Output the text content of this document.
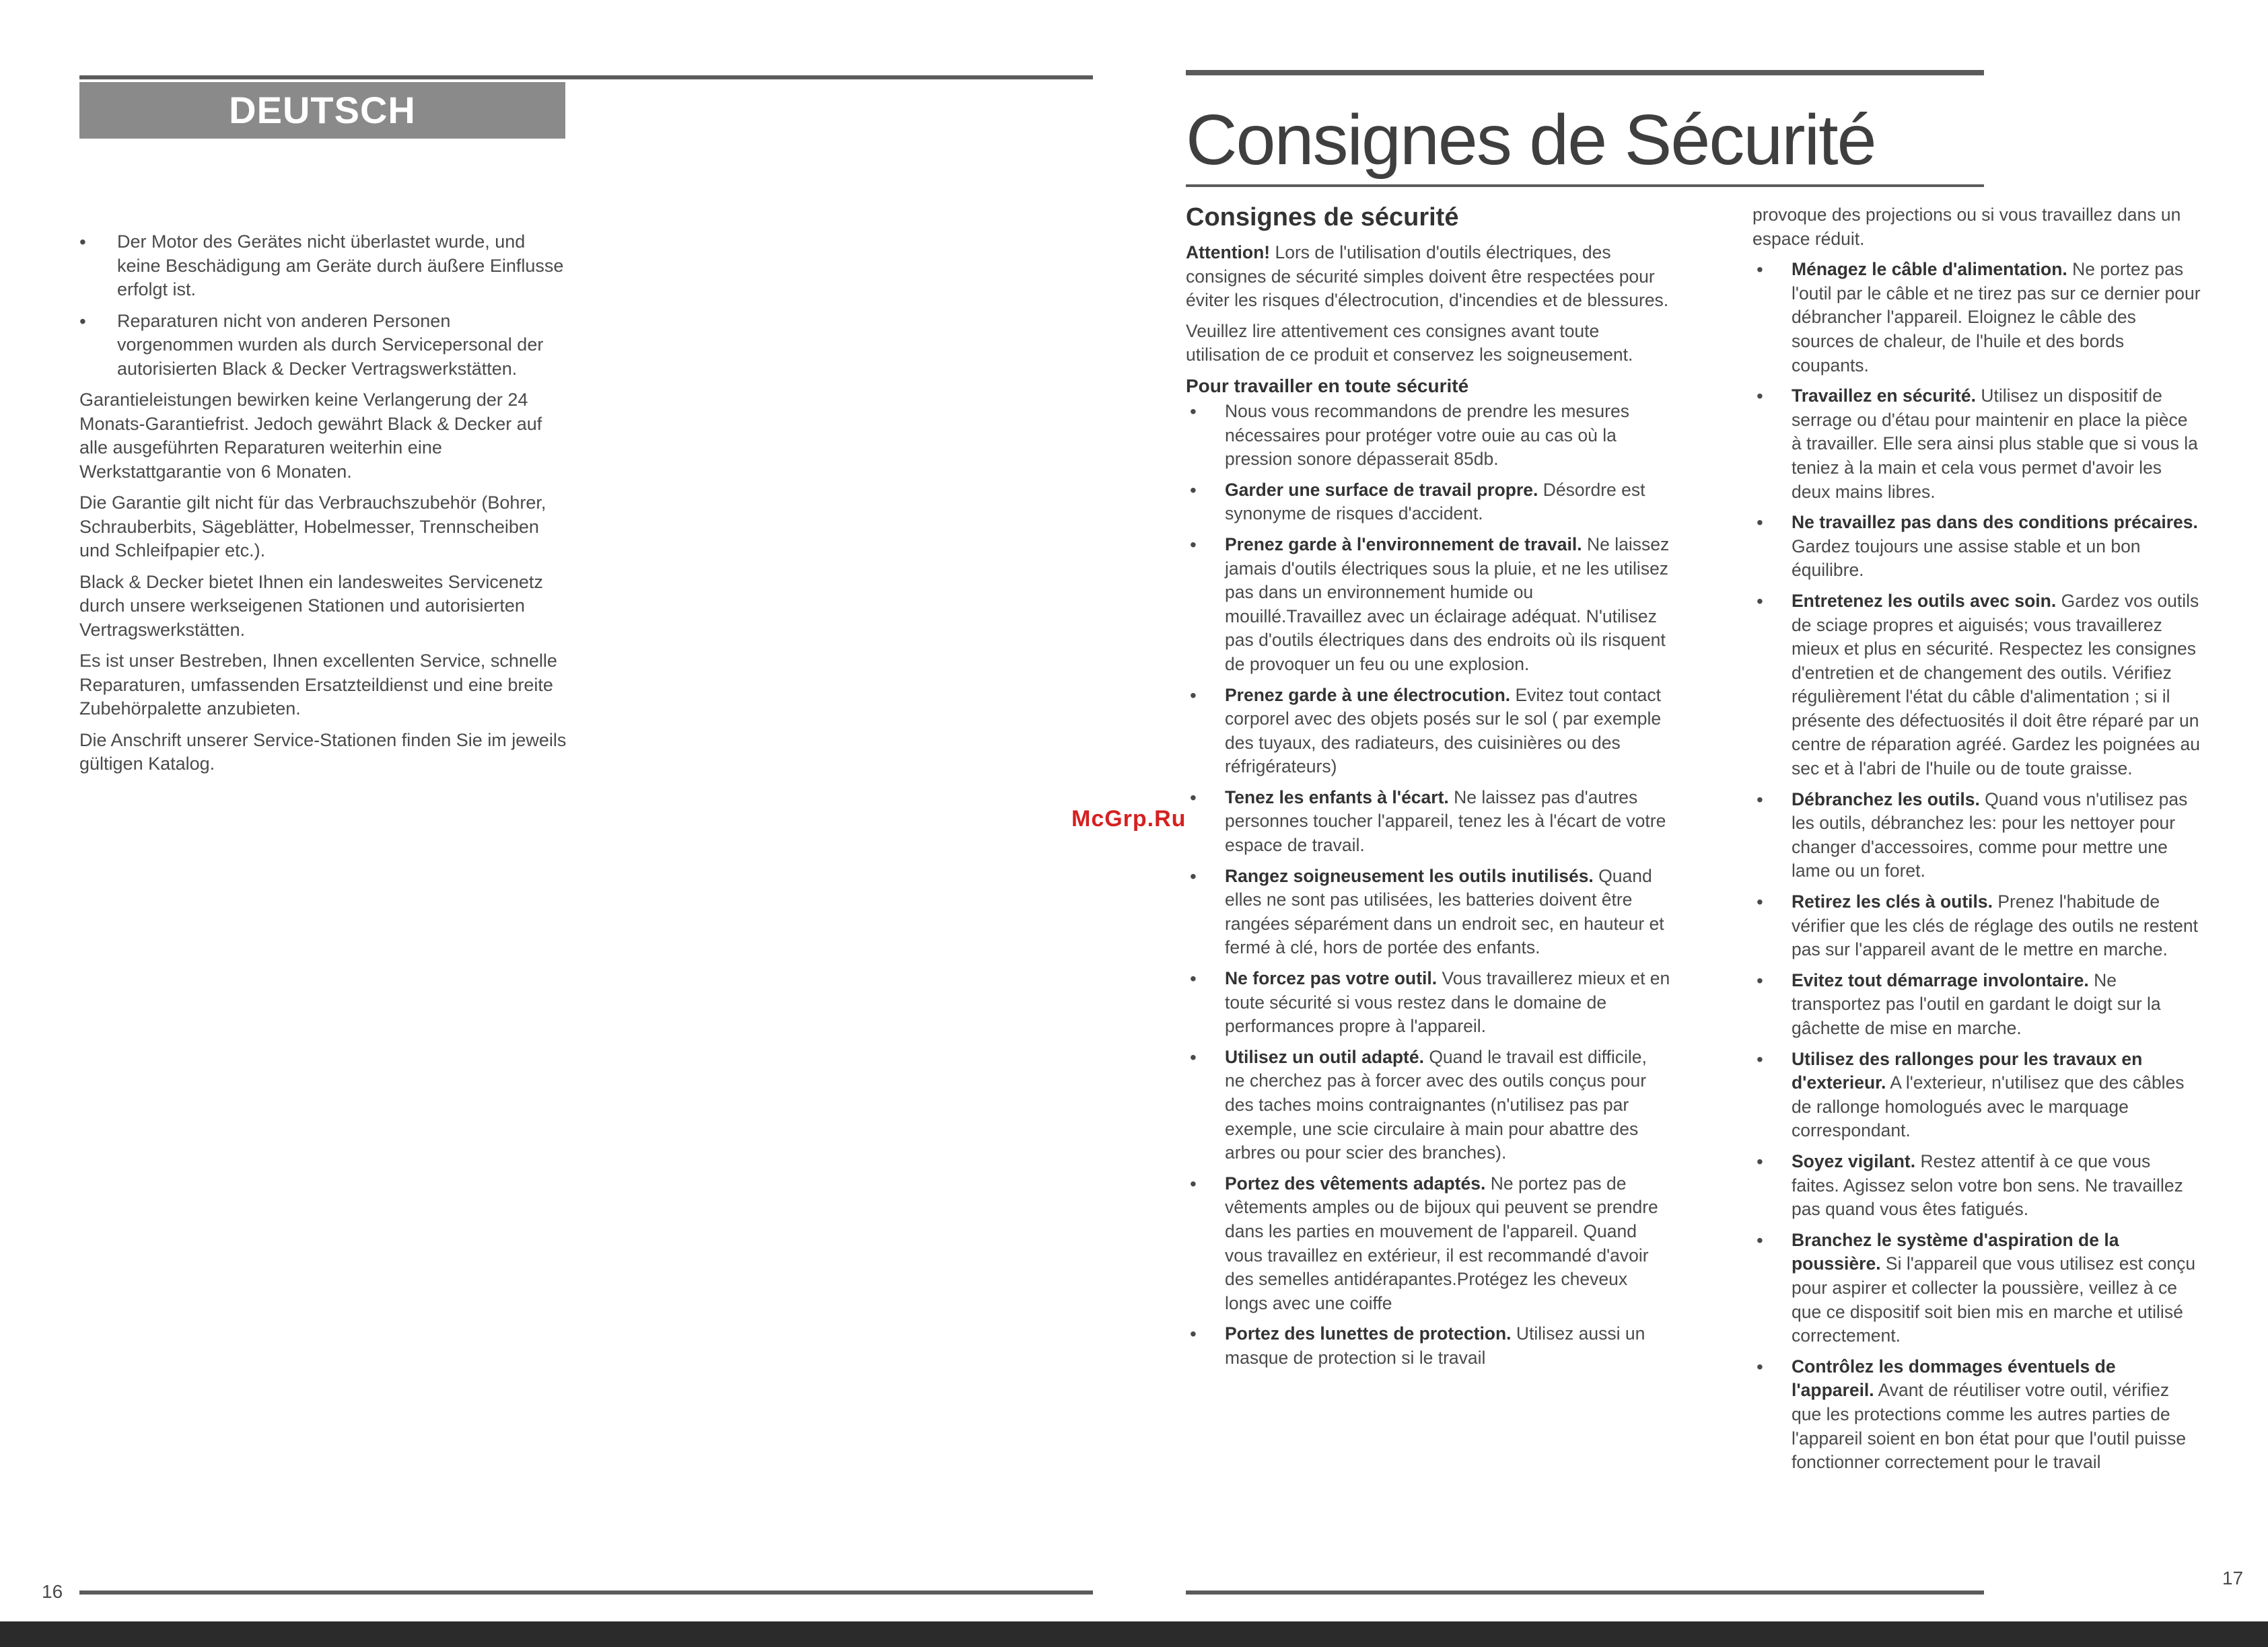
DEUTSCH
• Der Motor des Gerätes nicht überlastet wurde, und keine Beschädigung am Geräte durch äußere Einflusse erfolgt ist.
• Reparaturen nicht von anderen Personen vorgenommen wurden als durch Servicepersonal der autorisierten Black & Decker Vertragswerkstätten.

Garantieleistungen bewirken keine Verlangerung der 24 Monats-Garantiefrist. Jedoch gewährt Black & Decker auf alle ausgeführten Reparaturen weiterhin eine Werkstattgarantie von 6 Monaten.

Die Garantie gilt nicht für das Verbrauchszubehör (Bohrer, Schrauberbits, Sägeblätter, Hobelmesser, Trennscheiben und Schleifpapier etc.).

Black & Decker bietet Ihnen ein landesweites Servicenetz durch unsere werkseigenen Stationen und autorisierten Vertragswerkstätten.

Es ist unser Bestreben, Ihnen excellenten Service, schnelle Reparaturen, umfassenden Ersatzteildienst und eine breite Zubehörpalette anzubieten.

Die Anschrift unserer Service-Stationen finden Sie im jeweils gültigen Katalog.

16
17
Consignes de Sécurité
Consignes de sécurité

Attention! Lors de l'utilisation d'outils électriques, des consignes de sécurité simples doivent être respectées pour éviter les risques d'électrocution, d'incendies et de blessures.

Veuillez lire attentivement ces consignes avant toute utilisation de ce produit et conservez les soigneusement.

Pour travailler en toute sécurité
• Nous vous recommandons de prendre les mesures nécessaires pour protéger votre ouie au cas où la pression sonore dépasserait 85db.
• Garder une surface de travail propre. Désordre est synonyme de risques d'accident.
• Prenez garde à l'environnement de travail. Ne laissez jamais d'outils électriques sous la pluie, et ne les utilisez pas dans un environnement humide ou mouillé.Travaillez avec un éclairage adéquat. N'utilisez pas d'outils électriques dans des endroits où ils risquent de provoquer un feu ou une explosion.
• Prenez garde à une électrocution. Evitez tout contact corporel avec des objets posés sur le sol ( par exemple des tuyaux, des radiateurs, des cuisinières ou des réfrigérateurs)
• Tenez les enfants à l'écart. Ne laissez pas d'autres personnes toucher l'appareil, tenez les à l'écart de votre espace de travail.
• Rangez soigneusement les outils inutilisés. Quand elles ne sont pas utilisées, les batteries doivent être rangées séparément dans un endroit sec, en hauteur et fermé à clé, hors de portée des enfants.
• Ne forcez pas votre outil. Vous travaillerez mieux et en toute sécurité si vous restez dans le domaine de performances propre à l'appareil.
• Utilisez un outil adapté. Quand le travail est difficile, ne cherchez pas à forcer avec des outils conçus pour des taches moins contraignantes (n'utilisez pas par exemple, une scie circulaire à main pour abattre des arbres ou pour scier des branches).
• Portez des vêtements adaptés. Ne portez pas de vêtements amples ou de bijoux qui peuvent se prendre dans les parties en mouvement de l'appareil. Quand vous travaillez en extérieur, il est recommandé d'avoir des semelles antidérapantes.Protégez les cheveux longs avec une coiffe
• Portez des lunettes de protection. Utilisez aussi un masque de protection si le travail

provoque des projections ou si vous travaillez dans un espace réduit.

• Ménagez le câble d'alimentation. Ne portez pas l'outil par le câble et ne tirez pas sur ce dernier pour débrancher l'appareil. Eloignez le câble des sources de chaleur, de l'huile et des bords coupants.
• Travaillez en sécurité. Utilisez un dispositif de serrage ou d'étau pour maintenir en place la pièce à travailler. Elle sera ainsi plus stable que si vous la teniez à la main et cela vous permet d'avoir les deux mains libres.
• Ne travaillez pas dans des conditions précaires. Gardez toujours une assise stable et un bon équilibre.
• Entretenez les outils avec soin. Gardez vos outils de sciage propres et aiguisés; vous travaillerez mieux et plus en sécurité. Respectez les consignes d'entretien et de changement des outils. Vérifiez régulièrement l'état du câble d'alimentation ; si il présente des défectuosités il doit être réparé par un centre de réparation agréé. Gardez les poignées au sec et à l'abri de l'huile ou de toute graisse.
• Débranchez les outils. Quand vous n'utilisez pas les outils, débranchez les: pour les nettoyer pour changer d'accessoires, comme pour mettre une lame ou un foret.
• Retirez les clés à outils. Prenez l'habitude de vérifier que les clés de réglage des outils ne restent pas sur l'appareil avant de le mettre en marche.
• Evitez tout démarrage involontaire. Ne transportez pas l'outil en gardant le doigt sur la gâchette de mise en marche.
• Utilisez des rallonges pour les travaux en d'exterieur. A l'exterieur, n'utilisez que des câbles de rallonge homologués avec le marquage correspondant.
• Soyez vigilant. Restez attentif à ce que vous faites. Agissez selon votre bon sens. Ne travaillez pas quand vous êtes fatigués.
• Branchez le système d'aspiration de la poussière. Si l'appareil que vous utilisez est conçu pour aspirer et collecter la poussière, veillez à ce que ce dispositif soit bien mis en marche et utilisé correctement.
• Contrôlez les dommages éventuels de l'appareil. Avant de réutiliser votre outil, vérifiez que les protections comme les autres parties de l'appareil soient en bon état pour que l'outil puisse fonctionner correctement pour le travail
McGrp.Ru
